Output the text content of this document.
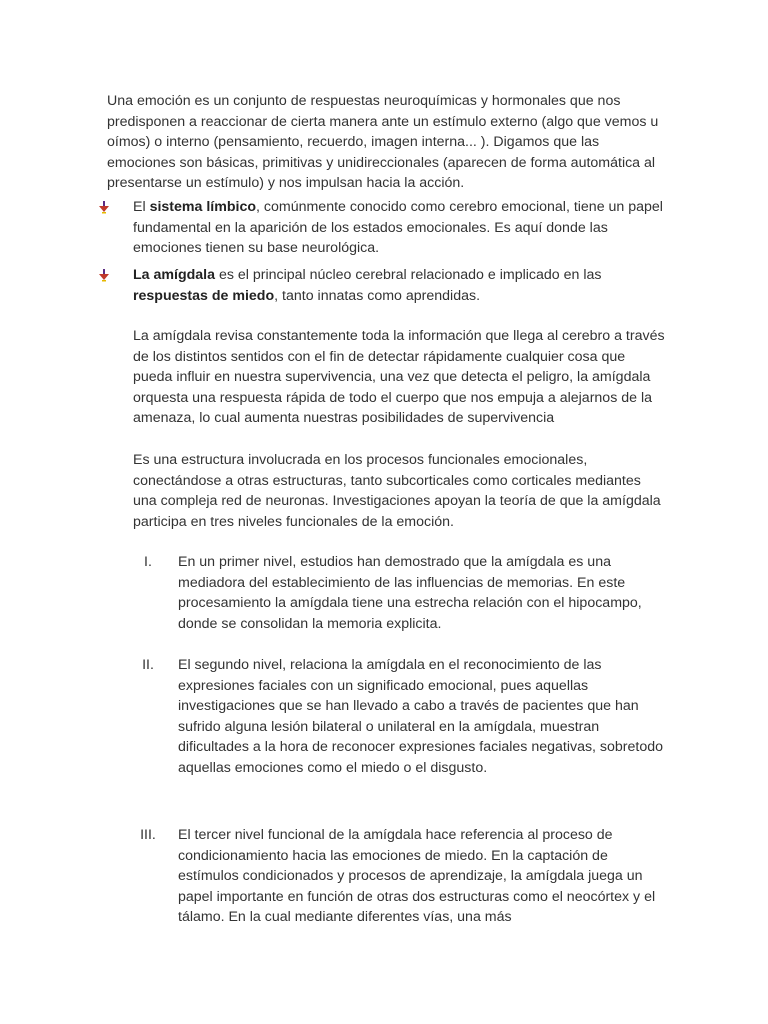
Una emoción es un conjunto de respuestas neuroquímicas y hormonales que nos predisponen a reaccionar de cierta manera ante un estímulo externo (algo que vemos u oímos) o interno (pensamiento, recuerdo, imagen interna... ). Digamos que las emociones son básicas, primitivas y unidireccionales (aparecen de forma automática al presentarse un estímulo) y nos impulsan hacia la acción.

El sistema límbico, comúnmente conocido como cerebro emocional, tiene un papel fundamental en la aparición de los estados emocionales. Es aquí donde las emociones tienen su base neurológica.

La amígdala es el principal núcleo cerebral relacionado e implicado en las respuestas de miedo, tanto innatas como aprendidas.

La amígdala revisa constantemente toda la información que llega al cerebro a través de los distintos sentidos con el fin de detectar rápidamente cualquier cosa que pueda influir en nuestra supervivencia, una vez que detecta el peligro, la amígdala orquesta una respuesta rápida de todo el cuerpo que nos empuja a alejarnos de la amenaza, lo cual aumenta nuestras posibilidades de supervivencia

Es una estructura involucrada en los procesos funcionales emocionales, conectándose a otras estructuras, tanto subcorticales como corticales mediantes una compleja red de neuronas. Investigaciones apoyan la teoría de que la amígdala participa en tres niveles funcionales de la emoción.

I.	En un primer nivel, estudios han demostrado que la amígdala es una mediadora del establecimiento de las influencias de memorias. En este procesamiento la amígdala tiene una estrecha relación con el hipocampo, donde se consolidan la memoria explicita.

II.	El segundo nivel, relaciona la amígdala en el reconocimiento de las expresiones faciales con un significado emocional, pues aquellas investigaciones que se han llevado a cabo a través de pacientes que han sufrido alguna lesión bilateral o unilateral en la amígdala, muestran dificultades a la hora de reconocer expresiones faciales negativas, sobretodo aquellas emociones como el miedo o el disgusto.

III.	El tercer nivel funcional de la amígdala hace referencia al proceso de condicionamiento hacia las emociones de miedo. En la captación de estímulos condicionados y procesos de aprendizaje, la amígdala juega un papel importante en función de otras dos estructuras como el neocórtex y el tálamo. En la cual mediante diferentes vías, una más
